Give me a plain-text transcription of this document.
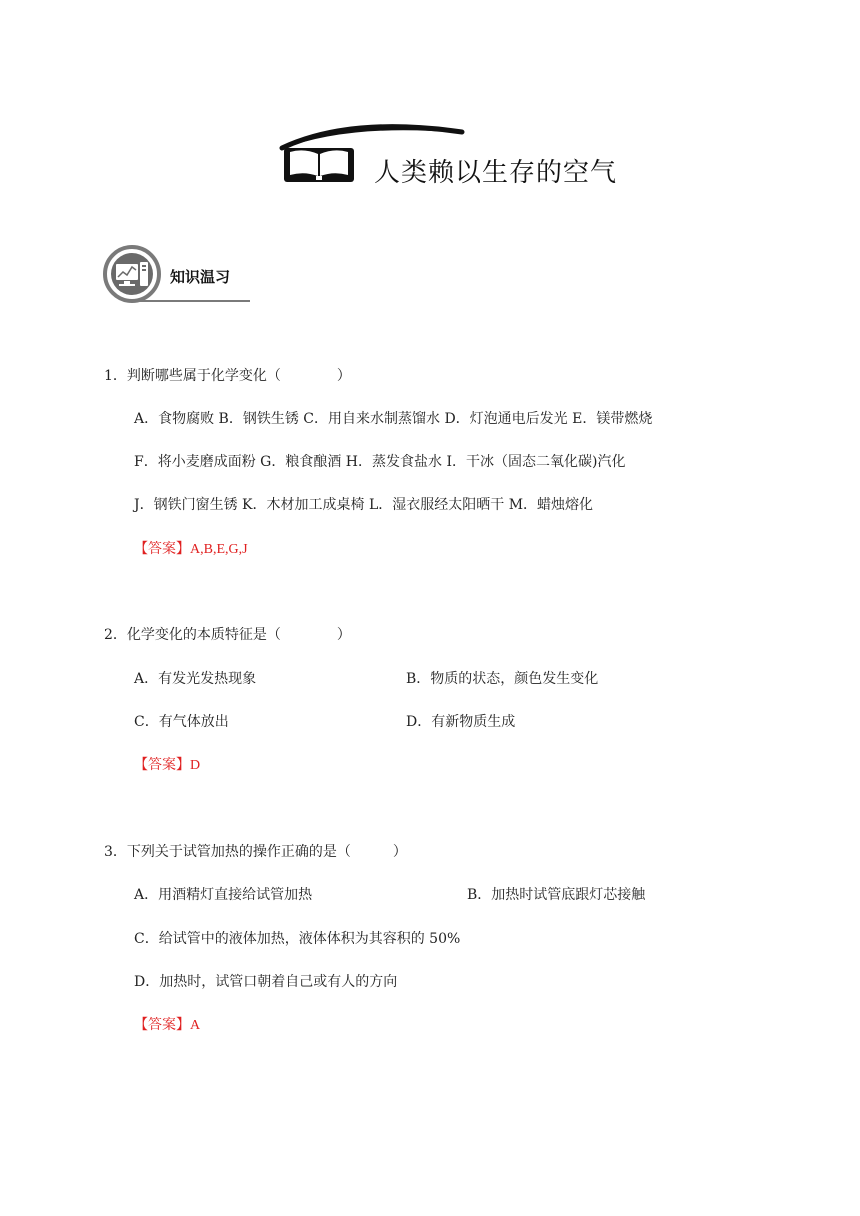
人类赖以生存的空气
知识温习
1．判断哪些属于化学变化（　　　　）
A．食物腐败 B．钢铁生锈 C．用自来水制蒸馏水 D．灯泡通电后发光 E．镁带燃烧
F．将小麦磨成面粉 G．粮食酿酒 H．蒸发食盐水 I．干冰（固态二氧化碳)汽化
J．钢铁门窗生锈 K．木材加工成桌椅 L．湿衣服经太阳晒干 M．蜡烛熔化
【答案】A,B,E,G,J
2．化学变化的本质特征是（　　　　）
A．有发光发热现象	B．物质的状态，颜色发生变化
C．有气体放出	D．有新物质生成
【答案】D
3．下列关于试管加热的操作正确的是（　　　）
A．用酒精灯直接给试管加热	B．加热时试管底跟灯芯接触
C．给试管中的液体加热，液体体积为其容积的 50%
D．加热时，试管口朝着自己或有人的方向
【答案】A
